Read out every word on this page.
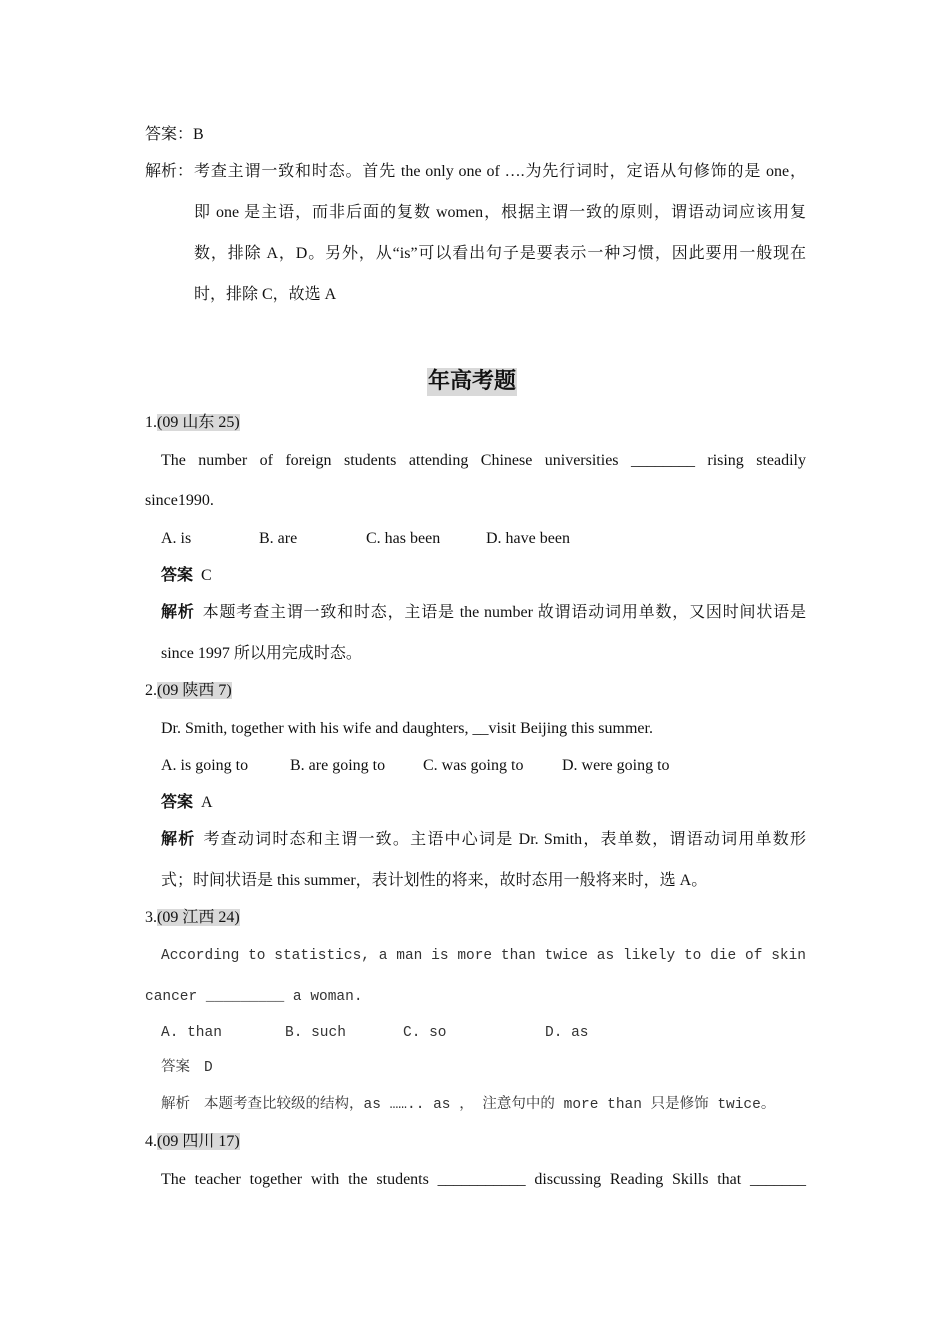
答案：B
解析： 考查主谓一致和时态。首先 the only one of ….为先行词时，定语从句修饰的是 one，
即 one 是主语，而非后面的复数 women，根据主谓一致的原则，谓语动词应该用复
数，排除 A，D。另外，从“is”可以看出句子是要表示一种习惯，因此要用一般现在
时，排除 C，故选 A
年高考题
1.(09 山东 25)
The number of foreign students attending Chinese universities ________ rising steadily
since1990.
A. is	B. are	C. has been	D. have been
答案 C
解析 本题考查主谓一致和时态，主语是 the number 故谓语动词用单数，又因时间状语是
since 1997 所以用完成时态。
2.(09 陕西 7)
Dr. Smith, together with his wife and daughters, __visit Beijing this summer.
A. is going to	B. are going to C. was going to D. were going to
答案 A
解析 考查动词时态和主谓一致。主语中心词是 Dr. Smith，表单数，谓语动词用单数形
式；时间状语是 this summer，表计划性的将来，故时态用一般将来时，选 A。
3.(09 江西 24)
According to statistics, a man is more than twice as likely to die of skin
cancer _________ a woman.
A. than	B. such	C. so	D. as
答案 D
解析 本题考查比较级的结构，as …….. as ， 注意句中的 more than 只是修饰 twice。
4.(09 四川 17)
The teacher together with the students ___________ discussing Reading Skills that _______
